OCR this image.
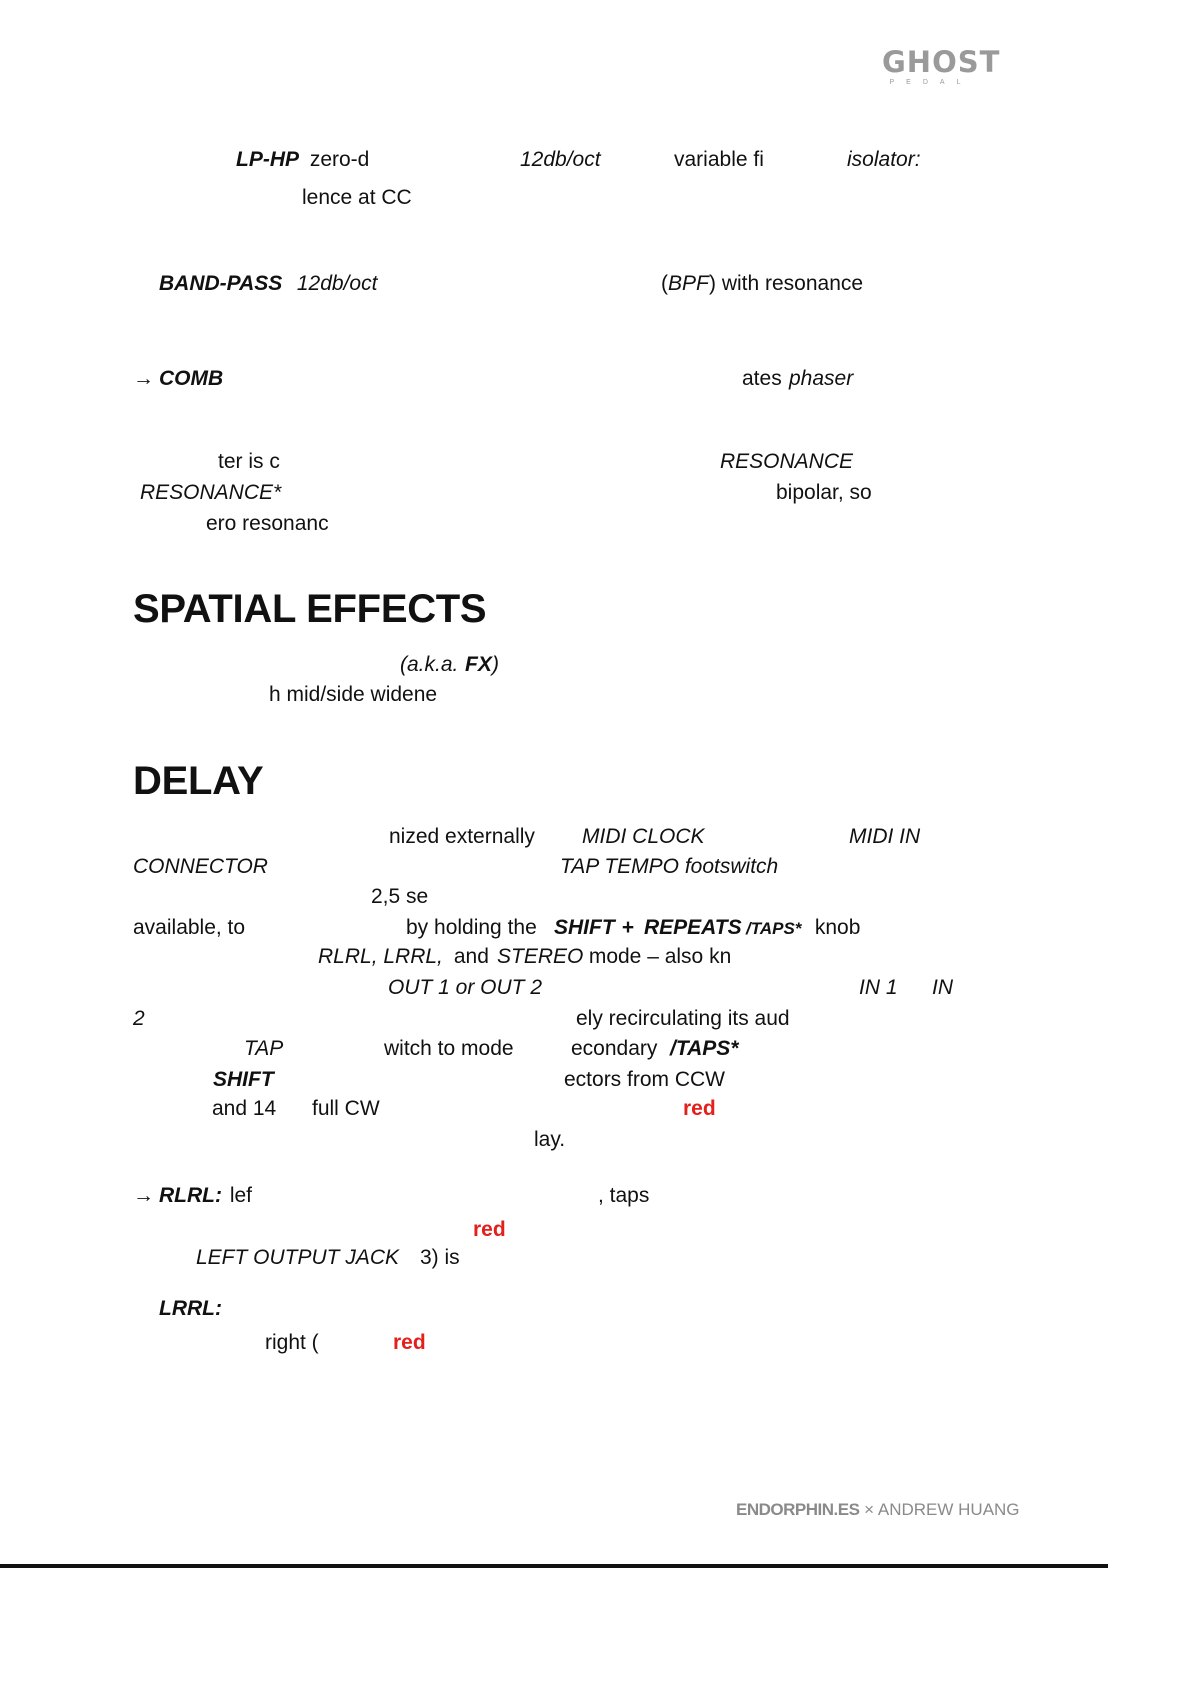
GHOST
PEDAL
LP-HP zero-d	12db/oct	variable fi	isolator:
lence at CC
BAND-PASS 12db/oct	( BPF ) with resonance
→ COMB	ates phaser
ter is c	RESONANCE
RESONANCE*	bipolar, so
ero resonanc
SPATIAL EFFECTS
(a.k.a. FX )
h mid/side widene
DELAY
nized externally MIDI CLOCK	MIDI IN
CONNECTOR	TAP TEMPO footswitch
2,5 se
available, to	by holding the SHIFT + REPEATS /TAPS* knob
RLRL, LRRL, and STEREO mode – also kn
OUT 1 or OUT 2	IN 1 IN
2	ely recirculating its aud
TAP	witch to mode	econdary /TAPS*
SHIFT	ectors from CCW
and 14 full CW	red
lay.
→ RLRL: lef	, taps
red
LEFT OUTPUT JACK 3) is
LRRL:
right (	red
ENDORPHIN.ES × ANDREW HUANG
